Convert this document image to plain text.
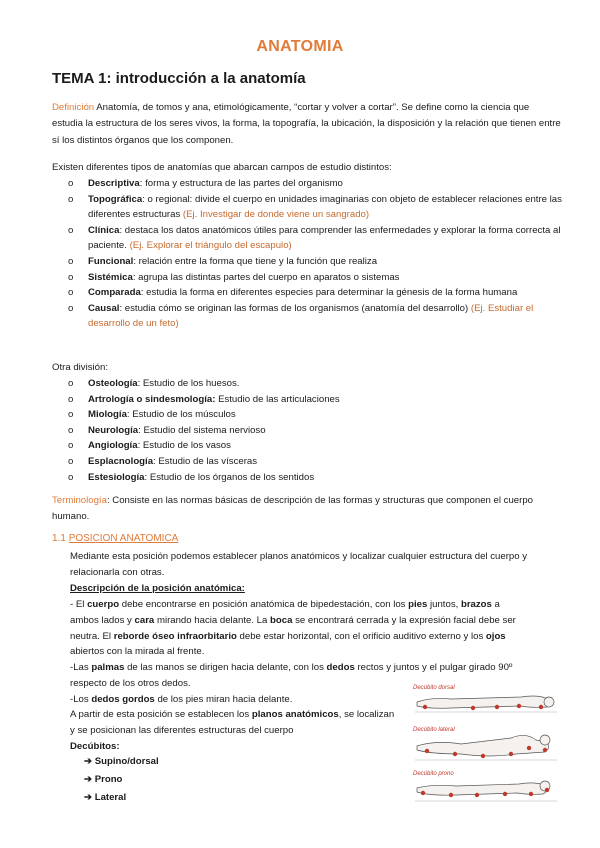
ANATOMIA
TEMA 1: introducción a la anatomía
Definición Anatomía, de tomos y ana, etimológicamente, “cortar y volver a cortar”. Se define como la ciencia que estudia la estructura de los seres vivos, la forma, la topografía, la ubicación, la disposición y la relación que tienen entre sí los distintos órganos que los componen.
Existen diferentes tipos de anatomías que abarcan campos de estudio distintos:
o Descriptiva: forma y estructura de las partes del organismo
o Topográfica: o regional: divide el cuerpo en unidades imaginarias con objeto de establecer relaciones entre las diferentes estructuras (Ej. Investigar de donde viene un sangrado)
o Clínica: destaca los datos anatómicos útiles para comprender las enfermedades y explorar la forma correcta al paciente. (Ej. Explorar el triángulo del escapulo)
o Funcional: relación entre la forma que tiene y la función que realiza
o Sistémica: agrupa las distintas partes del cuerpo en aparatos o sistemas
o Comparada: estudia la forma en diferentes especies para determinar la génesis de la forma humana
o Causal: estudia cómo se originan las formas de los organismos (anatomía del desarrollo) (Ej. Estudiar el desarrollo de un feto)
Otra división:
o Osteología: Estudio de los huesos.
o Artrología o sindesmología: Estudio de las articulaciones
o Miología: Estudio de los músculos
o Neurología: Estudio del sistema nervioso
o Angiología: Estudio de los vasos
o Esplacnología: Estudio de las vísceras
o Estesiología: Estudio de los órganos de los sentidos
Terminología: Consiste en las normas básicas de descripción de las formas y structuras que componen el cuerpo humano.
1.1 POSICION ANATOMICA
Mediante esta posición podemos establecer planos anatómicos y localizar cualquier estructura del cuerpo y relacionarla con otras.
Descripción de la posición anatómica:
- El cuerpo debe encontrarse en posición anatómica de bipedestación, con los pies juntos, brazos a ambos lados y cara mirando hacia delante. La boca se encontrará cerrada y la expresión facial debe ser neutra. El reborde óseo infraorbitario debe estar horizontal, con el orificio auditivo externo y los ojos abiertos con la mirada al frente.
-Las palmas de las manos se dirigen hacia delante, con los dedos rectos y juntos y el pulgar girado 90º respecto de los otros dedos.
-Los dedos gordos de los pies miran hacia delante.
A partir de esta posición se establecen los planos anatómicos, se localizan y se posicionan las diferentes estructuras del cuerpo
Decúbitos:
➔ Supino/dorsal
➔ Prono
➔ Lateral
Decúbito dorsal
Decúbito lateral
Decúbito prono
